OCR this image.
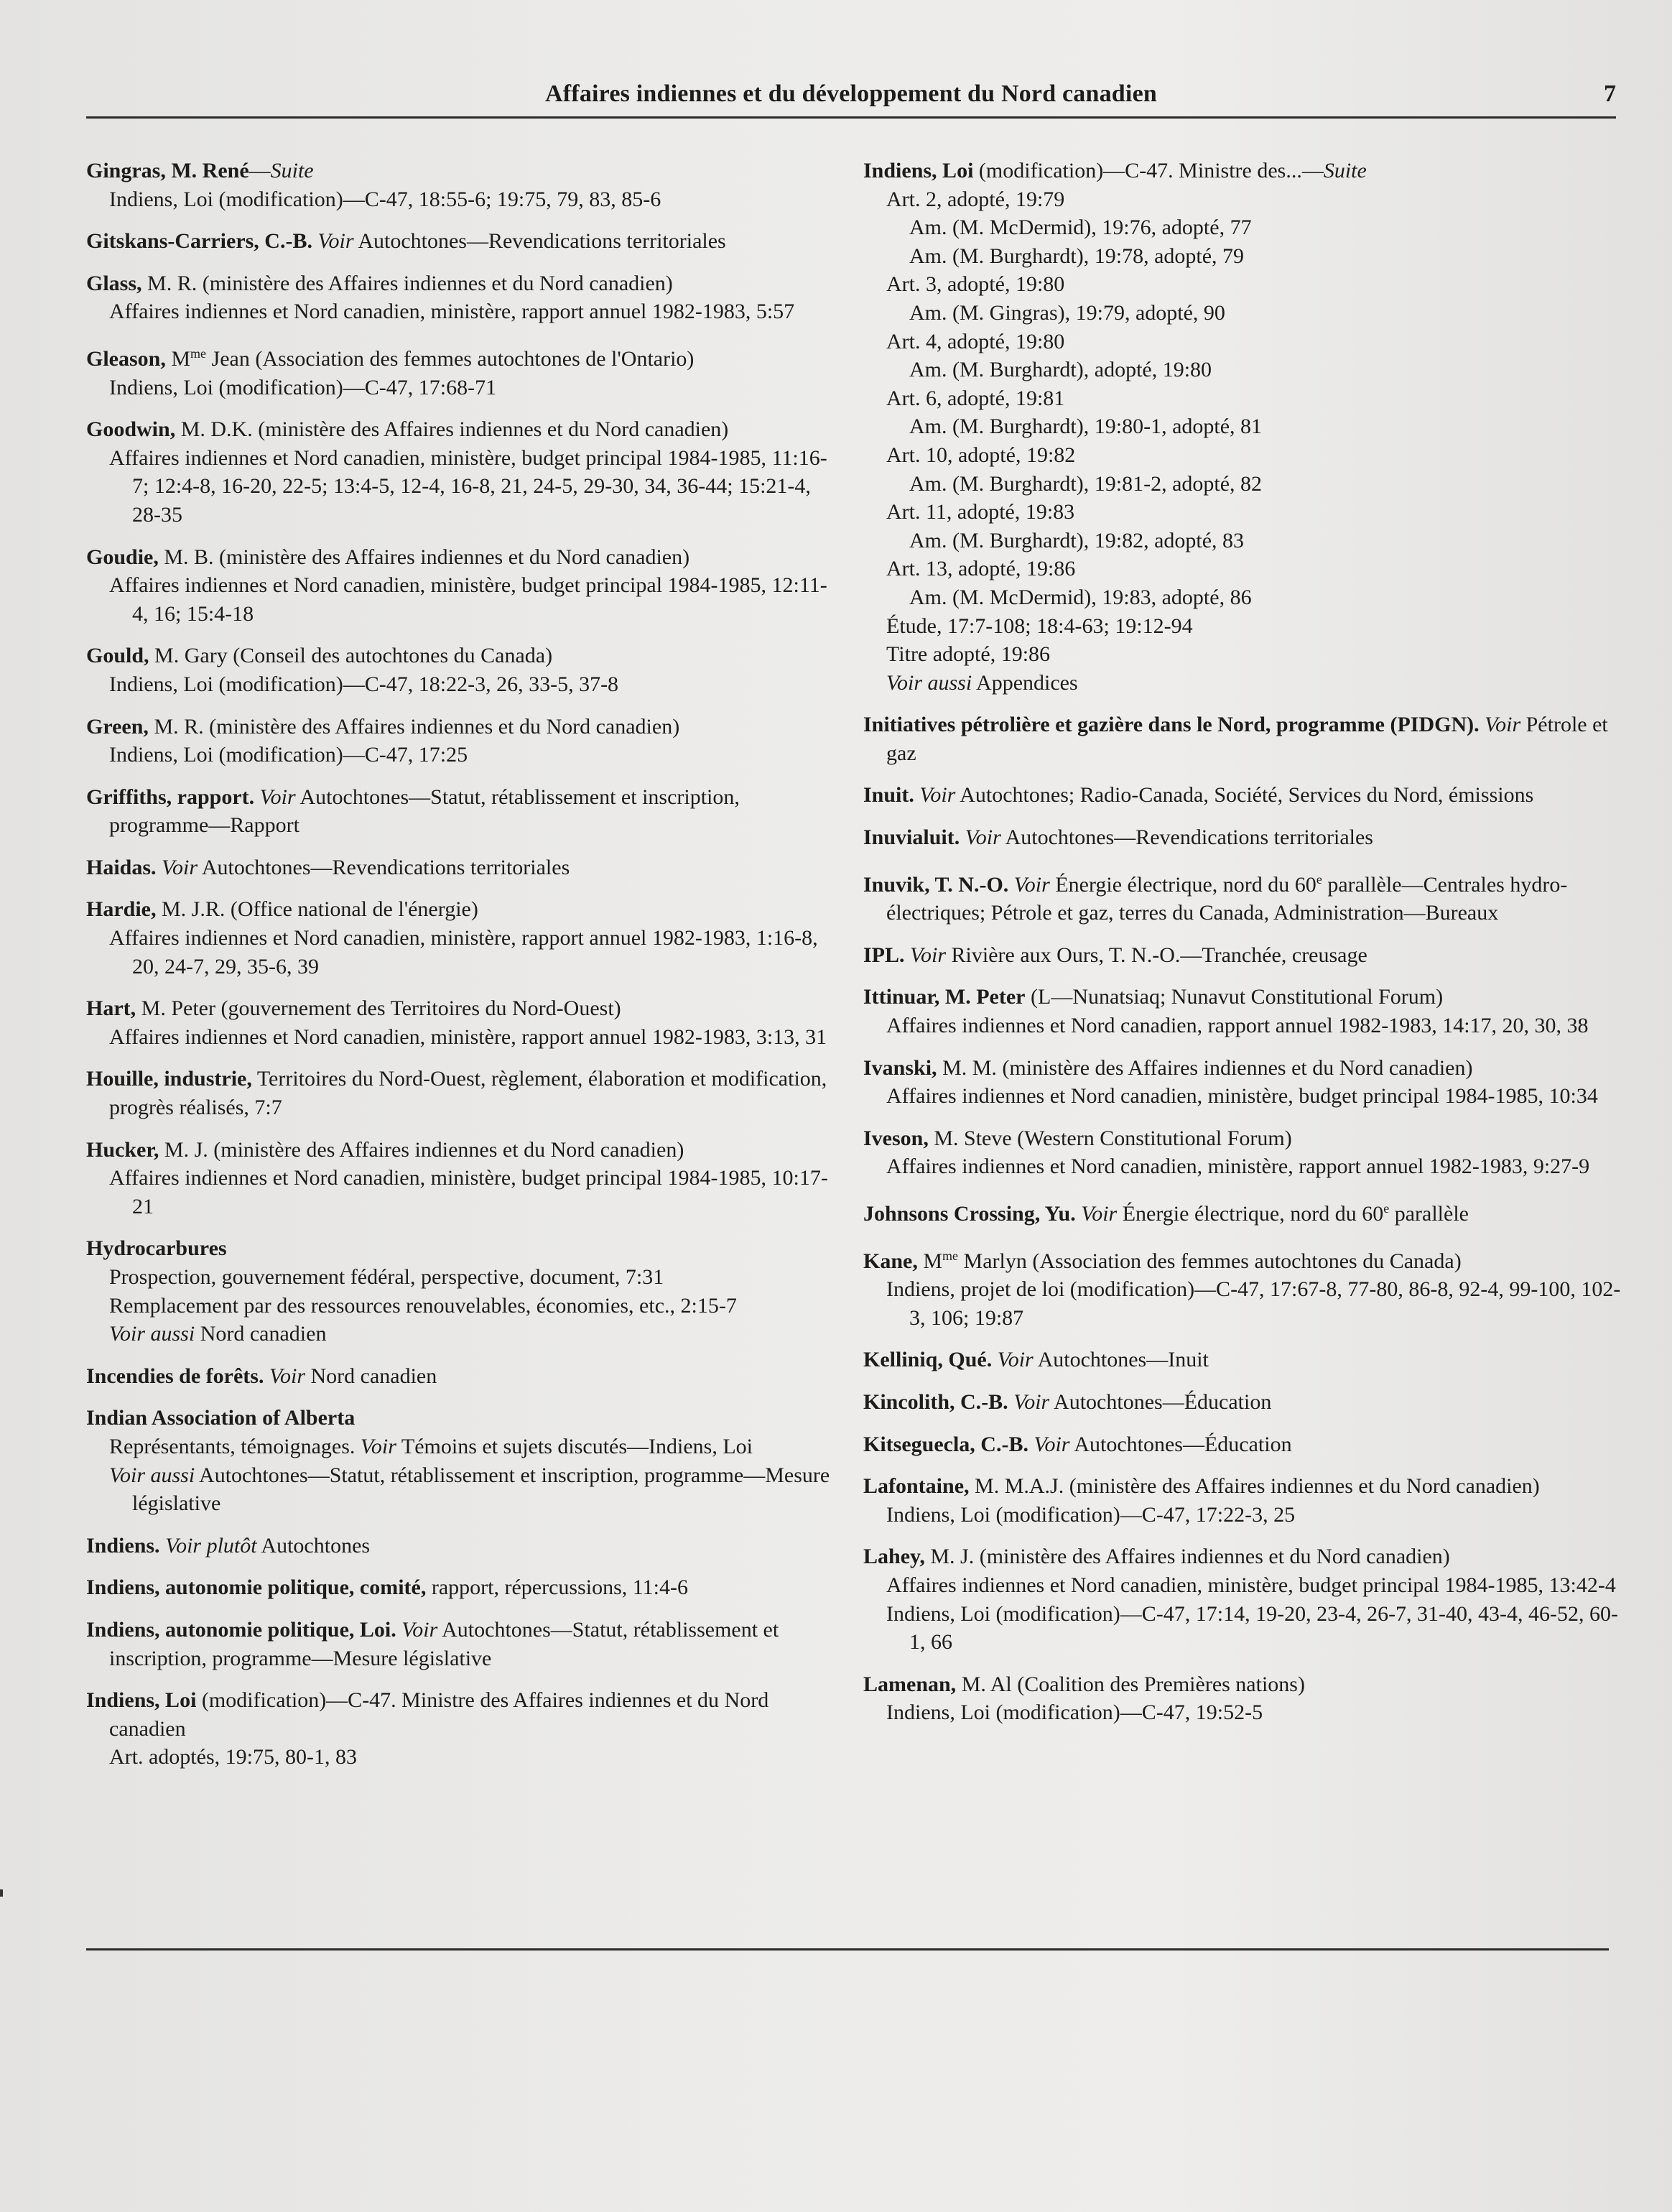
Affaires indiennes et du développement du Nord canadien	7
Gingras, M. René—Suite
Indiens, Loi (modification)—C-47, 18:55-6; 19:75, 79, 83, 85-6
Gitskans-Carriers, C.-B. Voir Autochtones—Revendications territoriales
Glass, M. R. (ministère des Affaires indiennes et du Nord canadien)
Affaires indiennes et Nord canadien, ministère, rapport annuel 1982-1983, 5:57
Gleason, $M^{me}$ Jean (Association des femmes autochtones de l'Ontario)
Indiens, Loi (modification)—C-47, 17:68-71
Goodwin, M. D.K. (ministère des Affaires indiennes et du Nord canadien)
Affaires indiennes et Nord canadien, ministère, budget principal 1984-1985, 11:16-7; 12:4-8, 16-20, 22-5; 13:4-5, 12-4, 16-8, 21, 24-5, 29-30, 34, 36-44; 15:21-4, 28-35
Goudie, M. B. (ministère des Affaires indiennes et du Nord canadien)
Affaires indiennes et Nord canadien, ministère, budget principal 1984-1985, 12:11-4, 16; 15:4-18
Gould, M. Gary (Conseil des autochtones du Canada)
Indiens, Loi (modification)—C-47, 18:22-3, 26, 33-5, 37-8
Green, M. R. (ministère des Affaires indiennes et du Nord canadien)
Indiens, Loi (modification)—C-47, 17:25
Griffiths, rapport. Voir Autochtones—Statut, rétablissement et inscription, programme—Rapport
Haidas. Voir Autochtones—Revendications territoriales
Hardie, M. J.R. (Office national de l'énergie)
Affaires indiennes et Nord canadien, ministère, rapport annuel 1982-1983, 1:16-8, 20, 24-7, 29, 35-6, 39
Hart, M. Peter (gouvernement des Territoires du Nord-Ouest)
Affaires indiennes et Nord canadien, ministère, rapport annuel 1982-1983, 3:13, 31
Houille, industrie, Territoires du Nord-Ouest, règlement, élaboration et modification, progrès réalisés, 7:7
Hucker, M. J. (ministère des Affaires indiennes et du Nord canadien)
Affaires indiennes et Nord canadien, ministère, budget principal 1984-1985, 10:17-21
Hydrocarbures
Prospection, gouvernement fédéral, perspective, document, 7:31
Remplacement par des ressources renouvelables, économies, etc., 2:15-7
Voir aussi Nord canadien
Incendies de forêts. Voir Nord canadien
Indian Association of Alberta
Représentants, témoignages. Voir Témoins et sujets discutés—Indiens, Loi
Voir aussi Autochtones—Statut, rétablissement et inscription, programme—Mesure législative
Indiens. Voir plutôt Autochtones
Indiens, autonomie politique, comité, rapport, répercussions, 11:4-6
Indiens, autonomie politique, Loi. Voir Autochtones—Statut, rétablissement et inscription, programme—Mesure législative
Indiens, Loi (modification)—C-47. Ministre des Affaires indiennes et du Nord canadien
Art. adoptés, 19:75, 80-1, 83
Indiens, Loi (modification)—C-47. Ministre des...—Suite
Art. 2, adopté, 19:79
Am. (M. McDermid), 19:76, adopté, 77
Am. (M. Burghardt), 19:78, adopté, 79
Art. 3, adopté, 19:80
Am. (M. Gingras), 19:79, adopté, 90
Art. 4, adopté, 19:80
Am. (M. Burghardt), adopté, 19:80
Art. 6, adopté, 19:81
Am. (M. Burghardt), 19:80-1, adopté, 81
Art. 10, adopté, 19:82
Am. (M. Burghardt), 19:81-2, adopté, 82
Art. 11, adopté, 19:83
Am. (M. Burghardt), 19:82, adopté, 83
Art. 13, adopté, 19:86
Am. (M. McDermid), 19:83, adopté, 86
Étude, 17:7-108; 18:4-63; 19:12-94
Titre adopté, 19:86
Voir aussi Appendices
Initiatives pétrolière et gazière dans le Nord, programme (PIDGN). Voir Pétrole et gaz
Inuit. Voir Autochtones; Radio-Canada, Société, Services du Nord, émissions
Inuvialuit. Voir Autochtones—Revendications territoriales
Inuvik, T. N.-O. Voir Énergie électrique, nord du 60e parallèle—Centrales hydro-électriques; Pétrole et gaz, terres du Canada, Administration—Bureaux
IPL. Voir Rivière aux Ours, T. N.-O.—Tranchée, creusage
Ittinuar, M. Peter (L—Nunatsiaq; Nunavut Constitutional Forum)
Affaires indiennes et Nord canadien, rapport annuel 1982-1983, 14:17, 20, 30, 38
Ivanski, M. M. (ministère des Affaires indiennes et du Nord canadien)
Affaires indiennes et Nord canadien, ministère, budget principal 1984-1985, 10:34
Iveson, M. Steve (Western Constitutional Forum)
Affaires indiennes et Nord canadien, ministère, rapport annuel 1982-1983, 9:27-9
Johnsons Crossing, Yu. Voir Énergie électrique, nord du 60e parallèle
Kane, $M^{me}$ Marlyn (Association des femmes autochtones du Canada)
Indiens, projet de loi (modification)—C-47, 17:67-8, 77-80, 86-8, 92-4, 99-100, 102-3, 106; 19:87
Kelliniq, Qué. Voir Autochtones—Inuit
Kincolith, C.-B. Voir Autochtones—Éducation
Kitseguecla, C.-B. Voir Autochtones—Éducation
Lafontaine, M. M.A.J. (ministère des Affaires indiennes et du Nord canadien)
Indiens, Loi (modification)—C-47, 17:22-3, 25
Lahey, M. J. (ministère des Affaires indiennes et du Nord canadien)
Affaires indiennes et Nord canadien, ministère, budget principal 1984-1985, 13:42-4
Indiens, Loi (modification)—C-47, 17:14, 19-20, 23-4, 26-7, 31-40, 43-4, 46-52, 60-1, 66
Lamenan, M. Al (Coalition des Premières nations)
Indiens, Loi (modification)—C-47, 19:52-5
